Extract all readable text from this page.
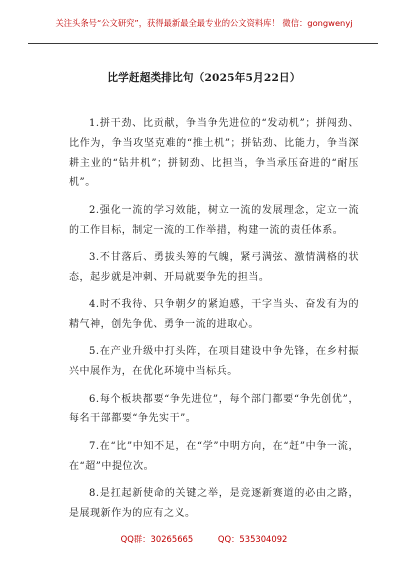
关注头条号“公文研究”，获得最新最全最专业的公文资料库！ 微信：gongwenyj
比学赶超类排比句（2025年5月22日）

1.拼干劲、比贡献，争当争先进位的“发动机”；拼闯劲、比作为，争当攻坚克难的“推土机”；拼钻劲、比能力，争当深耕主业的“钻井机”；拼韧劲、比担当，争当承压奋进的“耐压机”。

2.强化一流的学习效能，树立一流的发展理念，定立一流的工作目标，制定一流的工作举措，构建一流的责任体系。

3.不甘落后、勇拔头筹的气魄，紧弓满弦、激情满格的状态，起步就是冲刺、开局就要争先的担当。

4.时不我待、只争朝夕的紧迫感，干字当头、奋发有为的精气神，创先争优、勇争一流的进取心。

5.在产业升级中打头阵，在项目建设中争先锋，在乡村振兴中展作为，在优化环境中当标兵。

6.每个板块都要“争先进位”，每个部门都要“争先创优”，每名干部都要“争先实干”。

7.在“比”中知不足，在“学”中明方向，在“赶”中争一流，在“超”中提位次。

8.是扛起新使命的关键之举，是竞逐新赛道的必由之路，是展现新作为的应有之义。

QQ群：30265665	QQ：535304092
